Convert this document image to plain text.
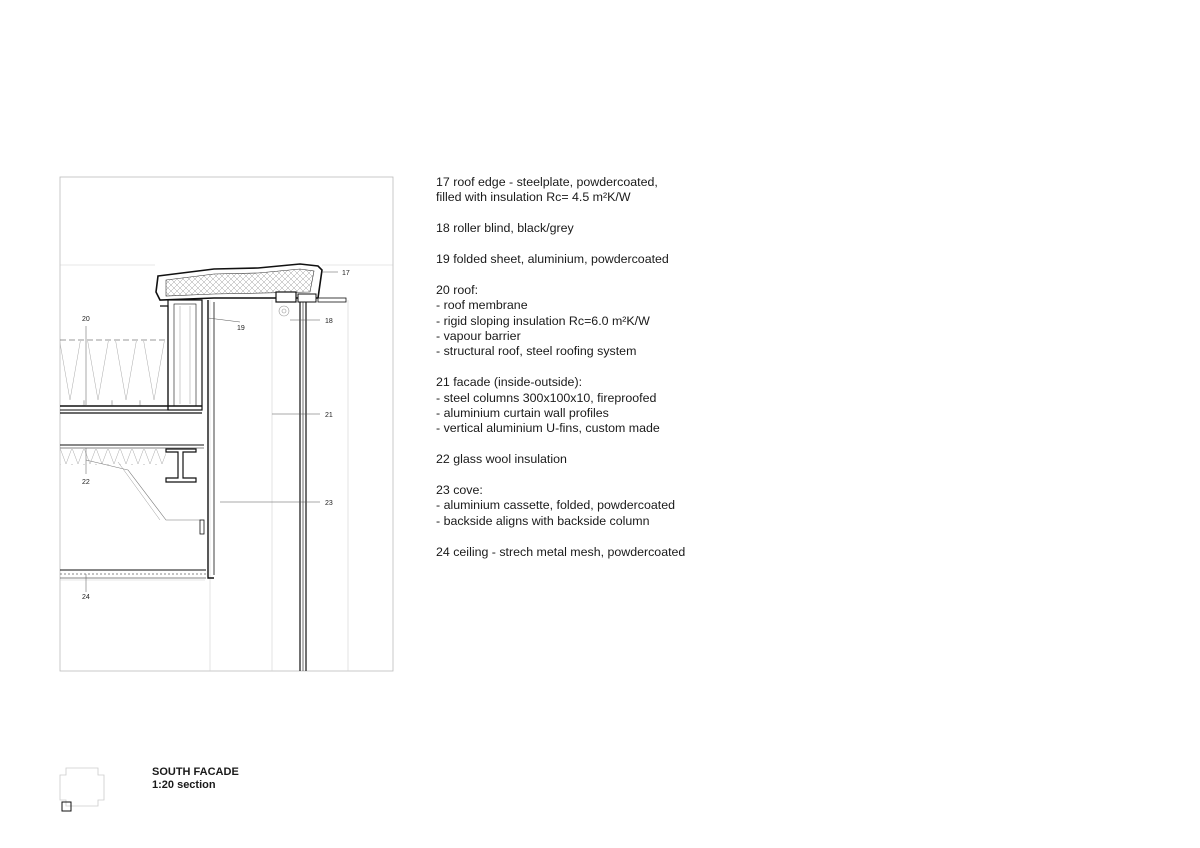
17
18
19
20
21
22
23
24
17 roof edge - steelplate, powdercoated,
filled with insulation Rc= 4.5 m²K/W
18 roller blind, black/grey
19 folded sheet, aluminium, powdercoated
20 roof:
- roof membrane
- rigid sloping insulation Rc=6.0 m²K/W
- vapour barrier
- structural roof, steel roofing system
21 facade (inside-outside):
- steel columns 300x100x10, fireproofed
- aluminium curtain wall profiles
- vertical aluminium U-fins, custom made
22 glass wool insulation
23 cove:
- aluminium cassette, folded, powdercoated
- backside aligns with backside column
24 ceiling - strech metal mesh, powdercoated
SOUTH FACADE
1:20 section
